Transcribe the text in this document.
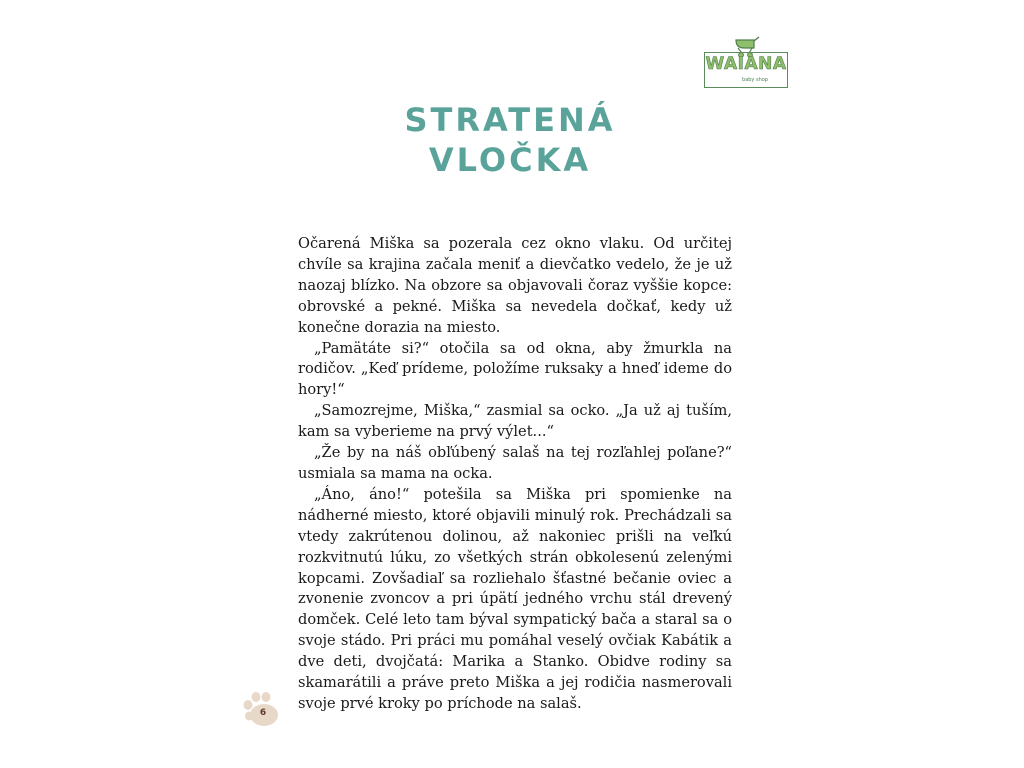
WAIANA
baby shop
STRATENÁ
VLOČKA

Očarená Miška sa pozerala cez okno vlaku. Od určitej chvíle sa krajina začala meniť a dievčatko vedelo, že je už naozaj blízko. Na obzore sa objavovali čoraz vyššie kopce: obrovské a pekné. Miška sa nevedela dočkať, kedy už konečne dorazia na miesto.

„Pamätáte si?“ otočila sa od okna, aby žmurkla na rodičov. „Keď prídeme, položíme ruksaky a hneď ideme do hory!“

„Samozrejme, Miška,“ zasmial sa ocko. „Ja už aj tuším, kam sa vyberieme na prvý výlet...“

„Že by na náš obľúbený salaš na tej rozľahlej poľane?“ usmiala sa mama na ocka.

„Áno, áno!“ potešila sa Miška pri spomienke na nádherné miesto, ktoré objavili minulý rok. Prechádzali sa vtedy zakrútenou dolinou, až nakoniec prišli na veľkú rozkvitnutú lúku, zo všetkých strán obkolesenú zelenými kopcami. Zovšadiaľ sa rozliehalo šťastné bečanie oviec a zvonenie zvoncov a pri úpätí jedného vrchu stál drevený domček. Celé leto tam býval sympatický bača a staral sa o svoje stádo. Pri práci mu pomáhal veselý ovčiak Kabátik a dve deti, dvojčatá: Marika a Stanko. Obidve rodiny sa skamarátili a práve preto Miška a jej rodičia nasmerovali svoje prvé kroky po príchode na salaš.

6
